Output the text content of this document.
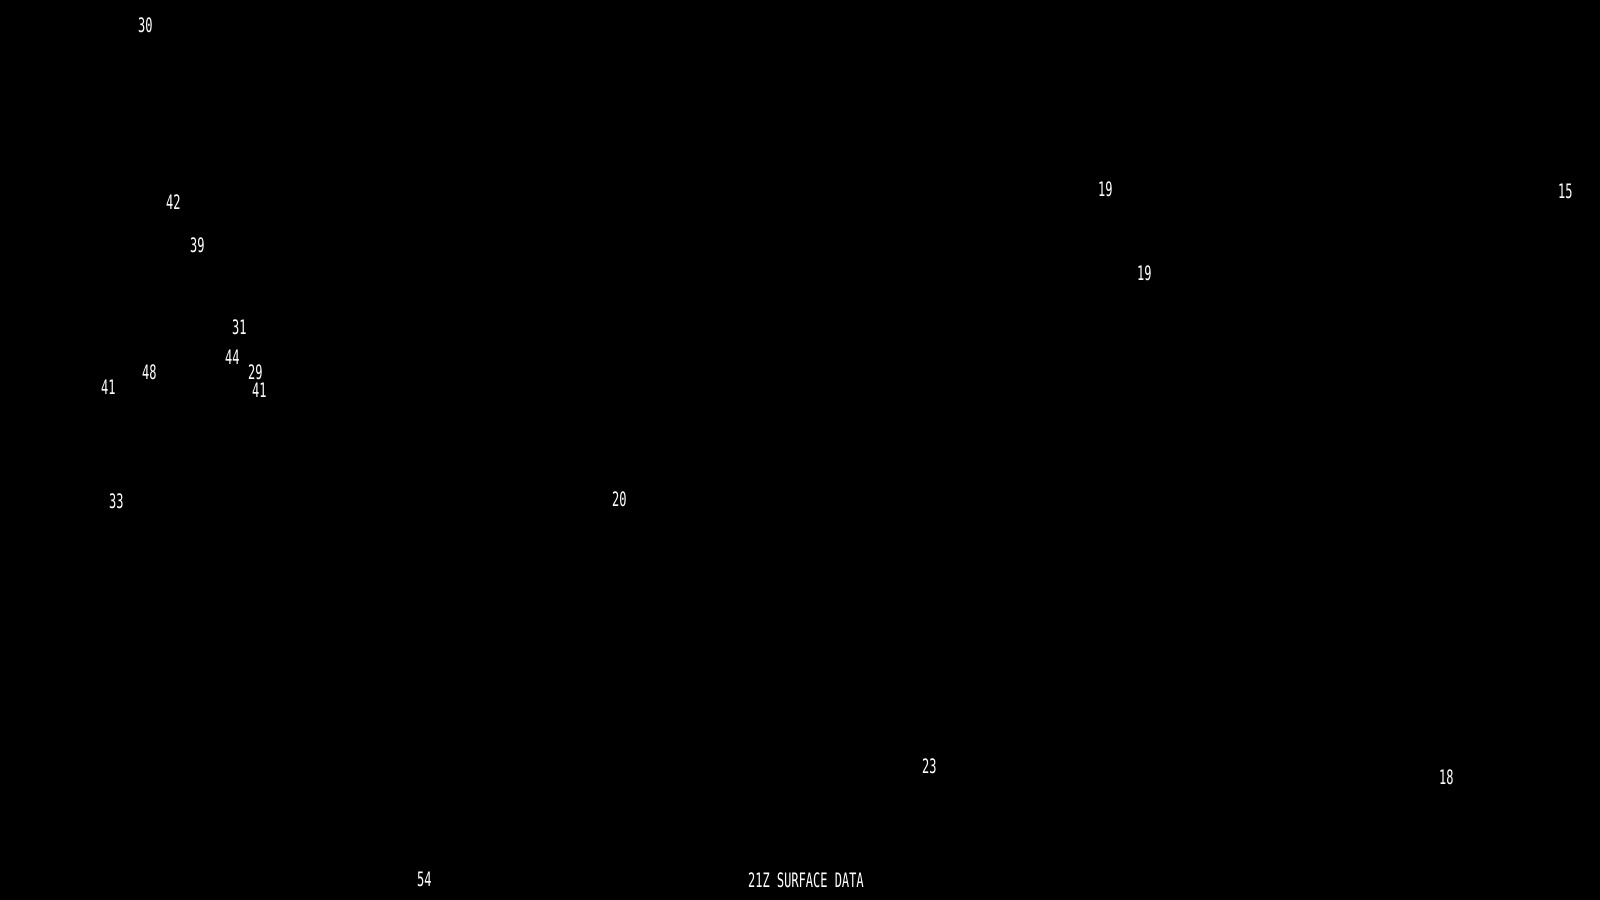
30
42
39
31
44
48	29
41	41
33	20
19
19
15
23	18
54	21Z SURFACE DATA
